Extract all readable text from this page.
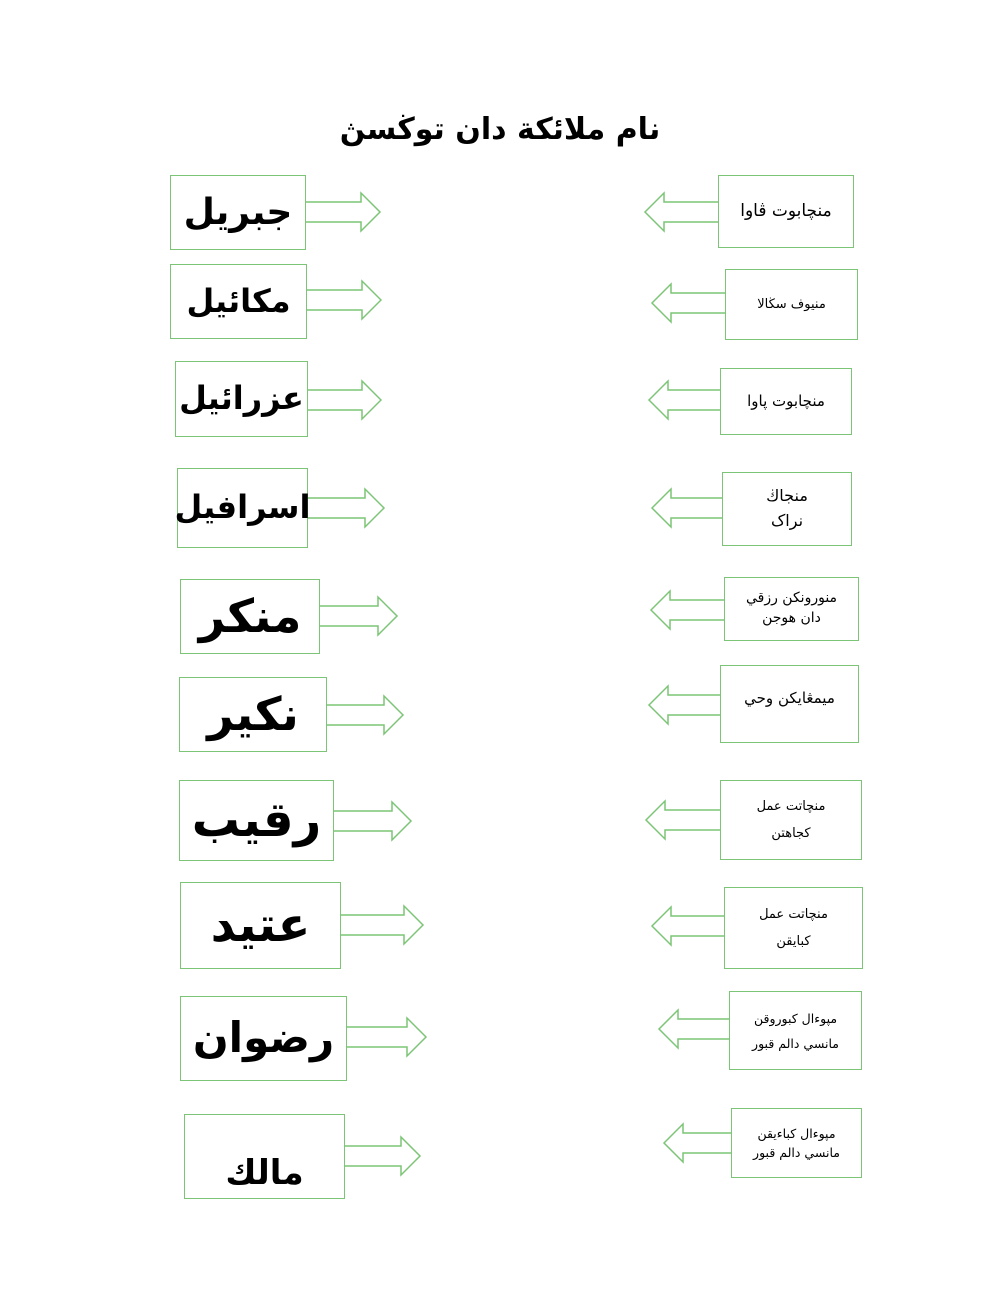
نام ملائكة دان توڬسڽ
جبريل
مكائيل
عزرائيل
اسرافيل
منكر
نكير
رقيب
عتيد
رضوان
مالك
منچابوت ڤاوا
منيوف سڬالا
منچابوت ڽاوا
منجاڬ
نراک
منورونکن رزقي
دان هوجن
ميمڠايكن وحي
منچاتت عمل
كجاهتن
منچاتت عمل
كبايقن
مڽوءال كبوروقن
مانسي دالم قبور
مڽوءال كباءيقن
مانسي دالم قبور
